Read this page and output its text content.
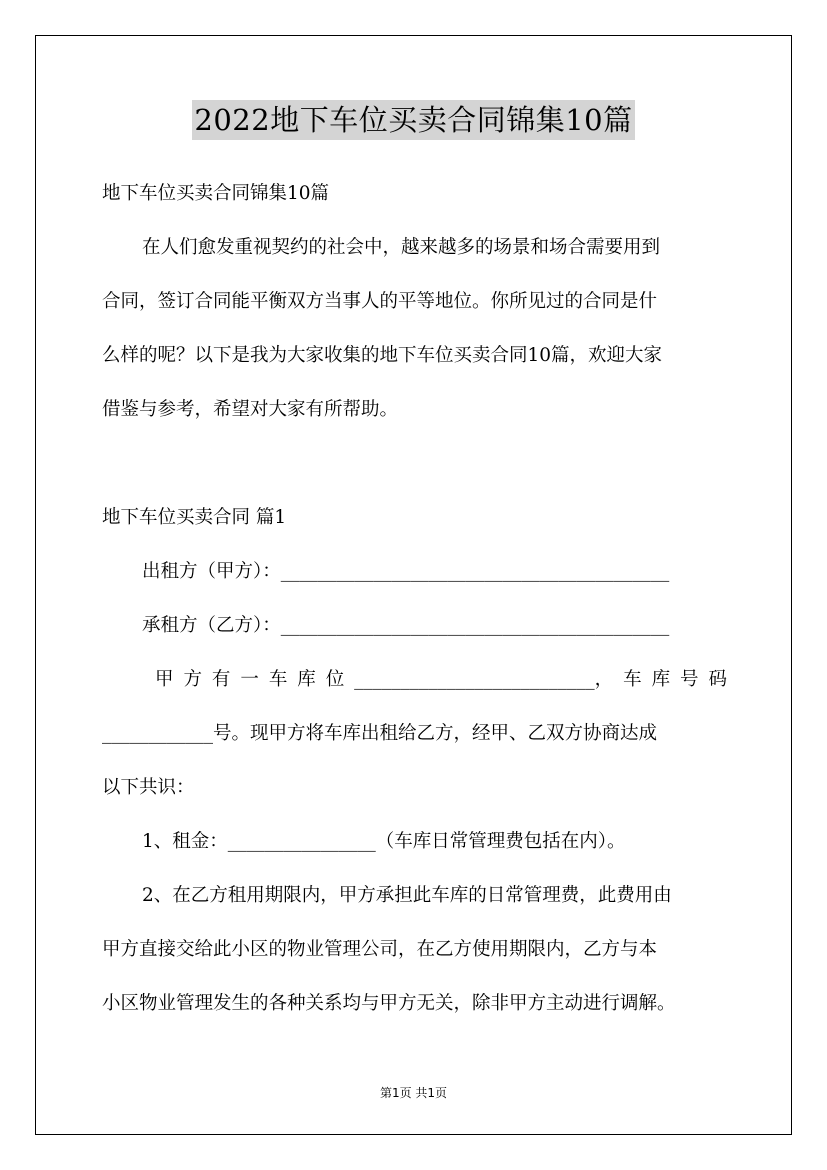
2022地下车位买卖合同锦集10篇
地下车位买卖合同锦集10篇
在人们愈发重视契约的社会中，越来越多的场景和场合需要用到
合同，签订合同能平衡双方当事人的平等地位。你所见过的合同是什
么样的呢？以下是我为大家收集的地下车位买卖合同10篇，欢迎大家
借鉴与参考，希望对大家有所帮助。
地下车位买卖合同 篇1
出租方（甲方）：__________________________________________
承租方（乙方）：__________________________________________
甲 方 有 一 车 库 位 __________________________， 车 库 号 码
____________号。现甲方将车库出租给乙方，经甲、乙双方协商达成
以下共识：
1、租金：________________（车库日常管理费包括在内）。
2、在乙方租用期限内，甲方承担此车库的日常管理费，此费用由
甲方直接交给此小区的物业管理公司，在乙方使用期限内，乙方与本
小区物业管理发生的各种关系均与甲方无关，除非甲方主动进行调解。
第1页 共1页
